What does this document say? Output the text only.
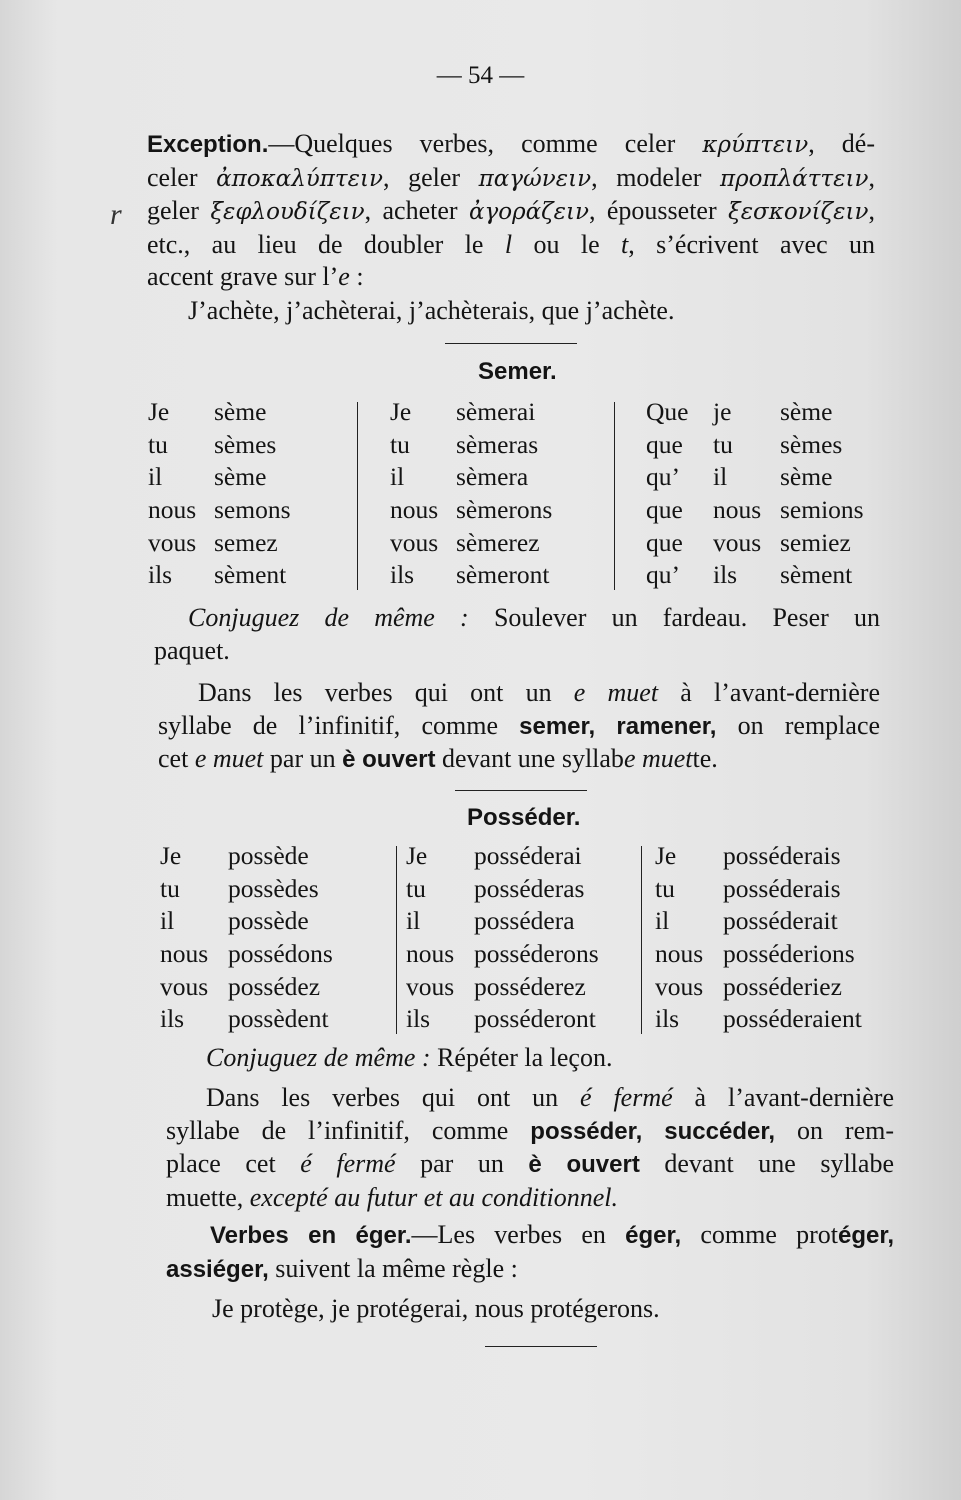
— 54 —
r
Exception.—Quelques verbes, comme celer κρύπτειν, dé-
celer ἀποκαλύπτειν, geler παγώνειν, modeler προπλάττειν,
geler ξεφλουδίζειν, acheter ἀγοράζειν, épousseter ξεσκονίζειν,
etc., au lieu de doubler le l ou le t, s’écrivent avec un
accent grave sur l’e :
J’achète, j’achèterai, j’achèterais, que j’achète.
Semer.
Je sème
tu sèmes
il sème
nous semons
vous semez
ils sèment
Je sèmerai
tu sèmeras
il sèmera
nous sèmerons
vous sèmerez
ils sèmeront
Que je sème
que tu sèmes
qu’ il sème
que nous semions
que vous semiez
qu’ ils sèment
Conjuguez de même : Soulever un fardeau. Peser un
paquet.
Dans les verbes qui ont un e muet à l’avant-dernière
syllabe de l’infinitif, comme semer, ramener, on remplace
cet e muet par un è ouvert devant une syllabe muette.
Posséder.
Je possède
tu possèdes
il possède
nous possédons
vous possédez
ils possèdent
Je posséderai
tu posséderas
il possédera
nous posséderons
vous posséderez
ils posséderont
Je posséderais
tu posséderais
il posséderait
nous posséderions
vous posséderiez
ils posséderaient
Conjuguez de même : Répéter la leçon.
Dans les verbes qui ont un é fermé à l’avant-dernière
syllabe de l’infinitif, comme posséder, succéder, on rem-
place cet é fermé par un è ouvert devant une syllabe
muette, excepté au futur et au conditionnel.
Verbes en éger.—Les verbes en éger, comme protéger,
assiéger, suivent la même règle :
Je protège, je protégerai, nous protégerons.
